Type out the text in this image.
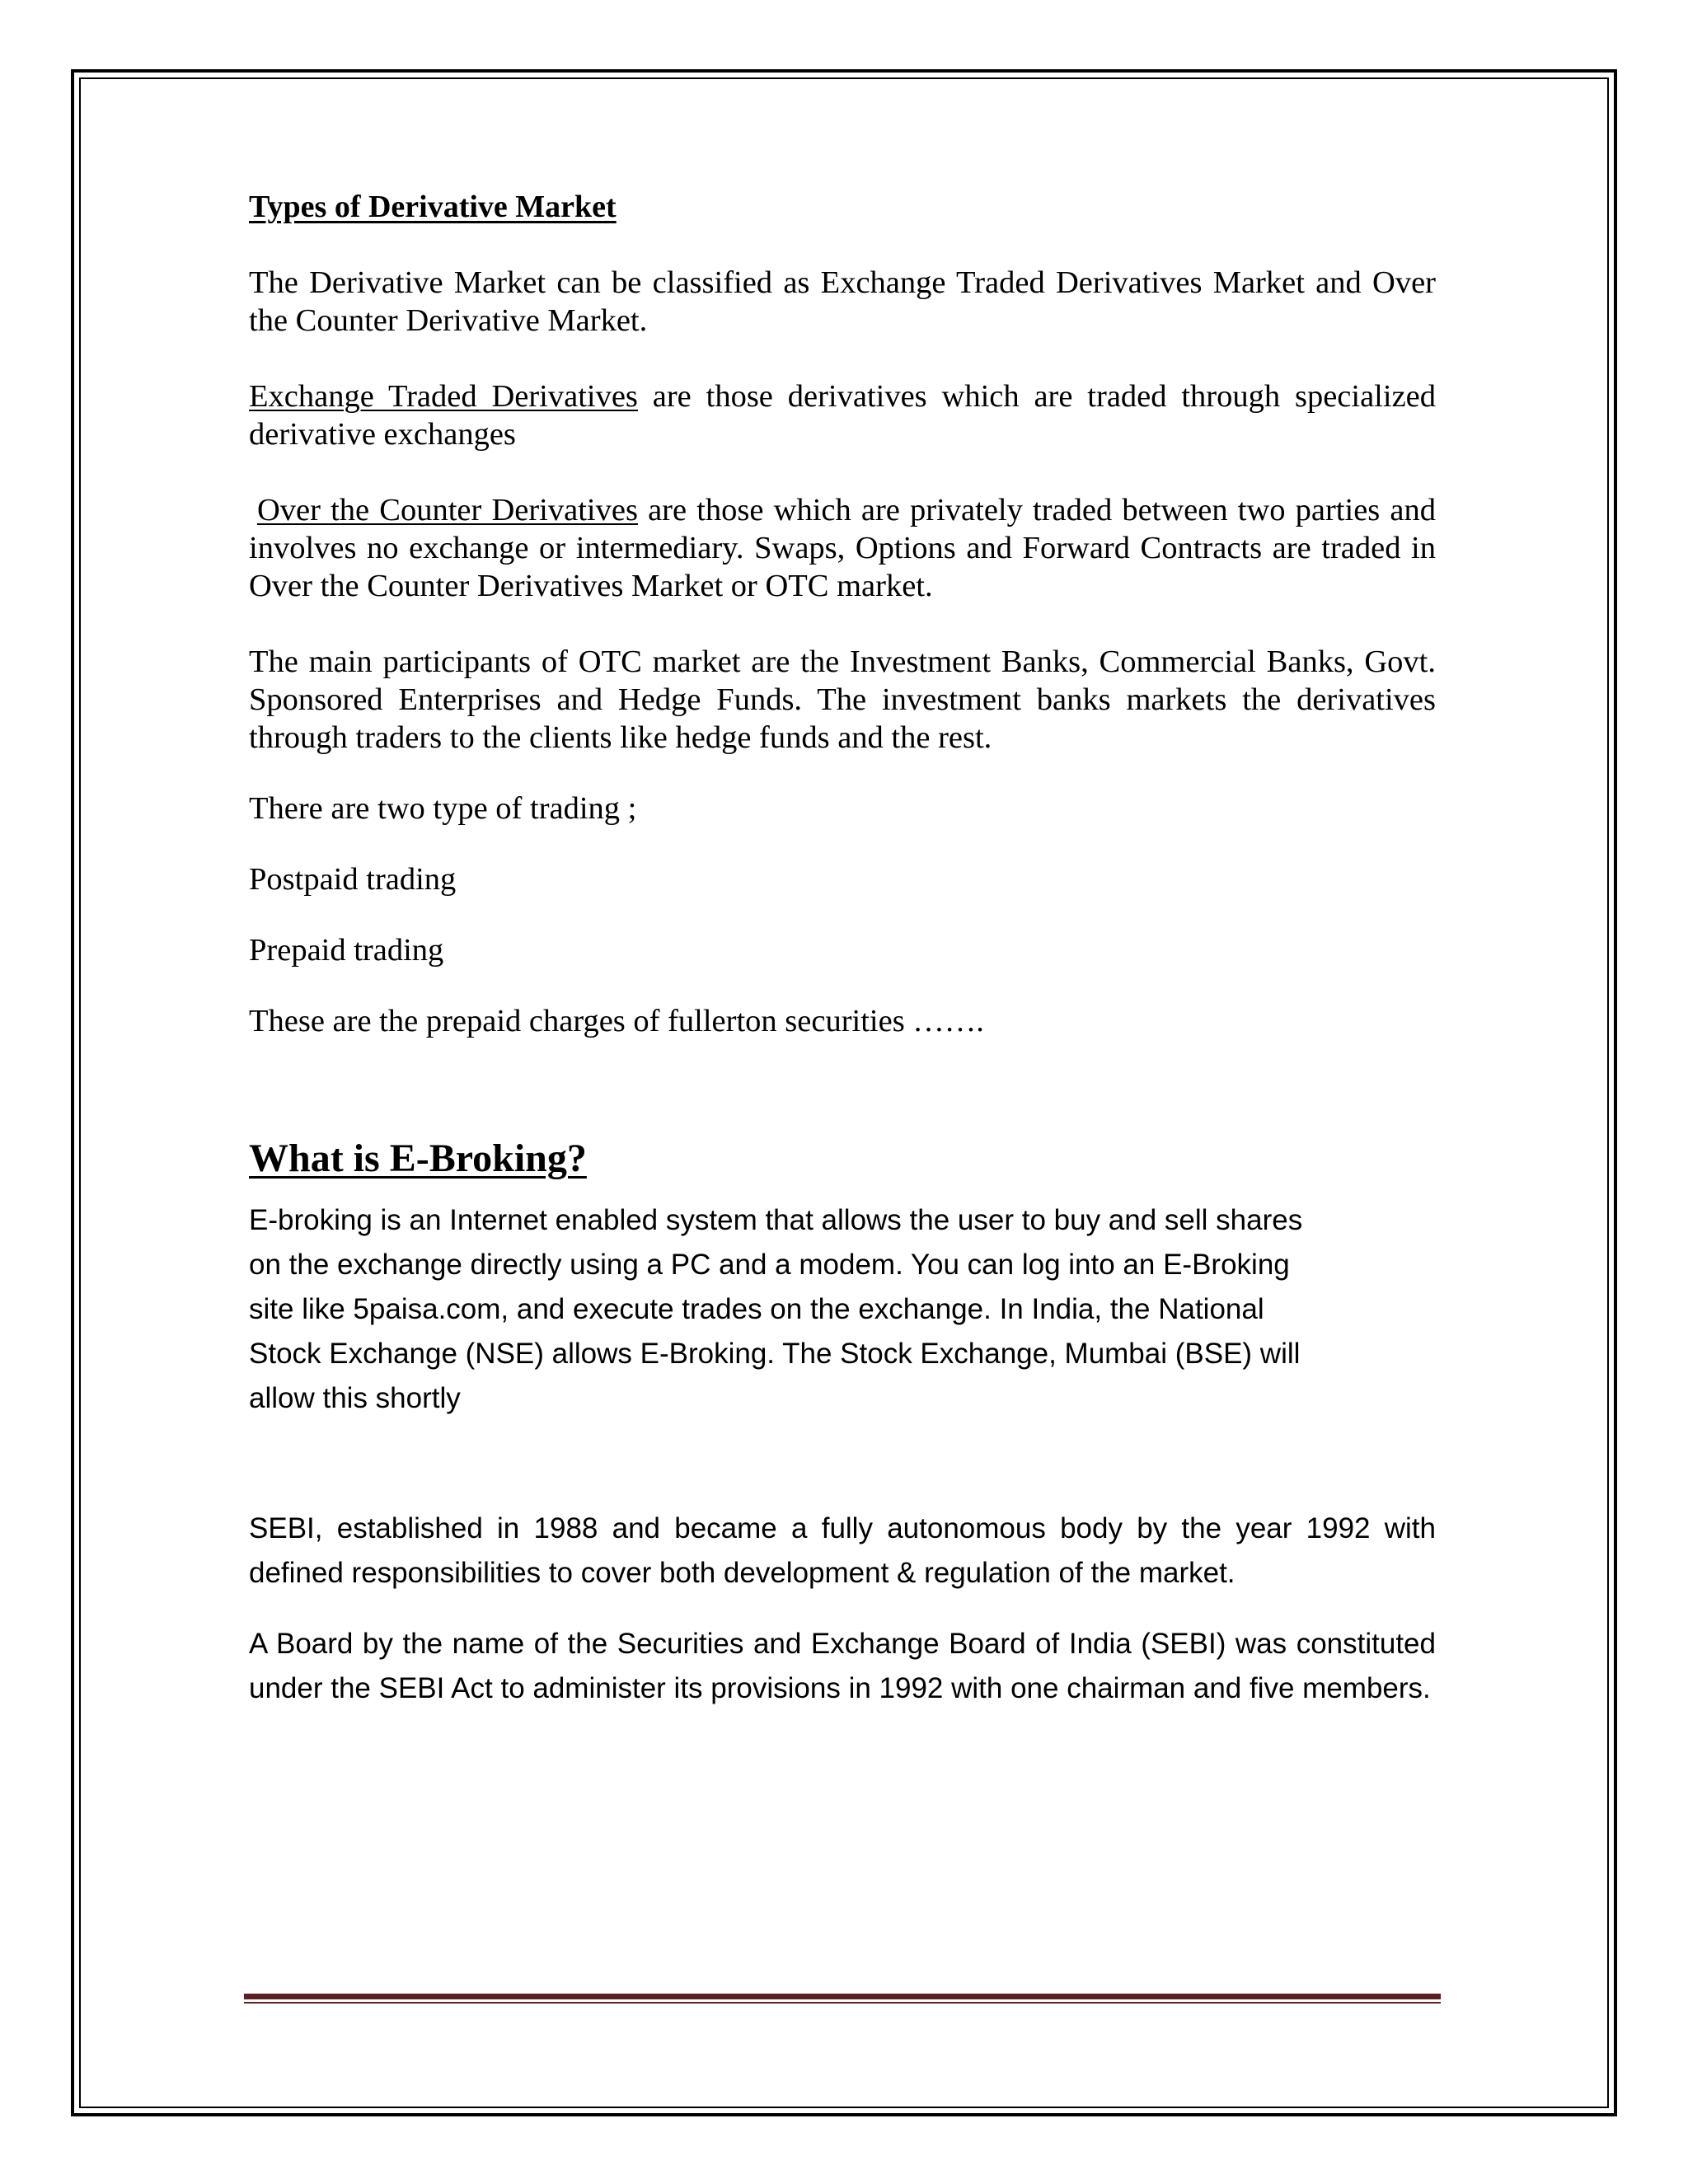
Types of Derivative Market

The Derivative Market can be classified as Exchange Traded Derivatives Market and Over the Counter Derivative Market.

Exchange Traded Derivatives are those derivatives which are traded through specialized derivative exchanges

Over the Counter Derivatives are those which are privately traded between two parties and involves no exchange or intermediary. Swaps, Options and Forward Contracts are traded in Over the Counter Derivatives Market or OTC market.

The main participants of OTC market are the Investment Banks, Commercial Banks, Govt. Sponsored Enterprises and Hedge Funds. The investment banks markets the derivatives through traders to the clients like hedge funds and the rest.

There are two type of trading ;

Postpaid trading

Prepaid trading

These are the prepaid charges of fullerton securities …….

What is E-Broking?

E-broking is an Internet enabled system that allows the user to buy and sell shares on the exchange directly using a PC and a modem. You can log into an E-Broking site like 5paisa.com, and execute trades on the exchange. In India, the National Stock Exchange (NSE) allows E-Broking. The Stock Exchange, Mumbai (BSE) will allow this shortly

SEBI, established in 1988 and became a fully autonomous body by the year 1992 with defined responsibilities to cover both development & regulation of the market.

A Board by the name of the Securities and Exchange Board of India (SEBI) was constituted under the SEBI Act to administer its provisions in 1992 with one chairman and five members.
